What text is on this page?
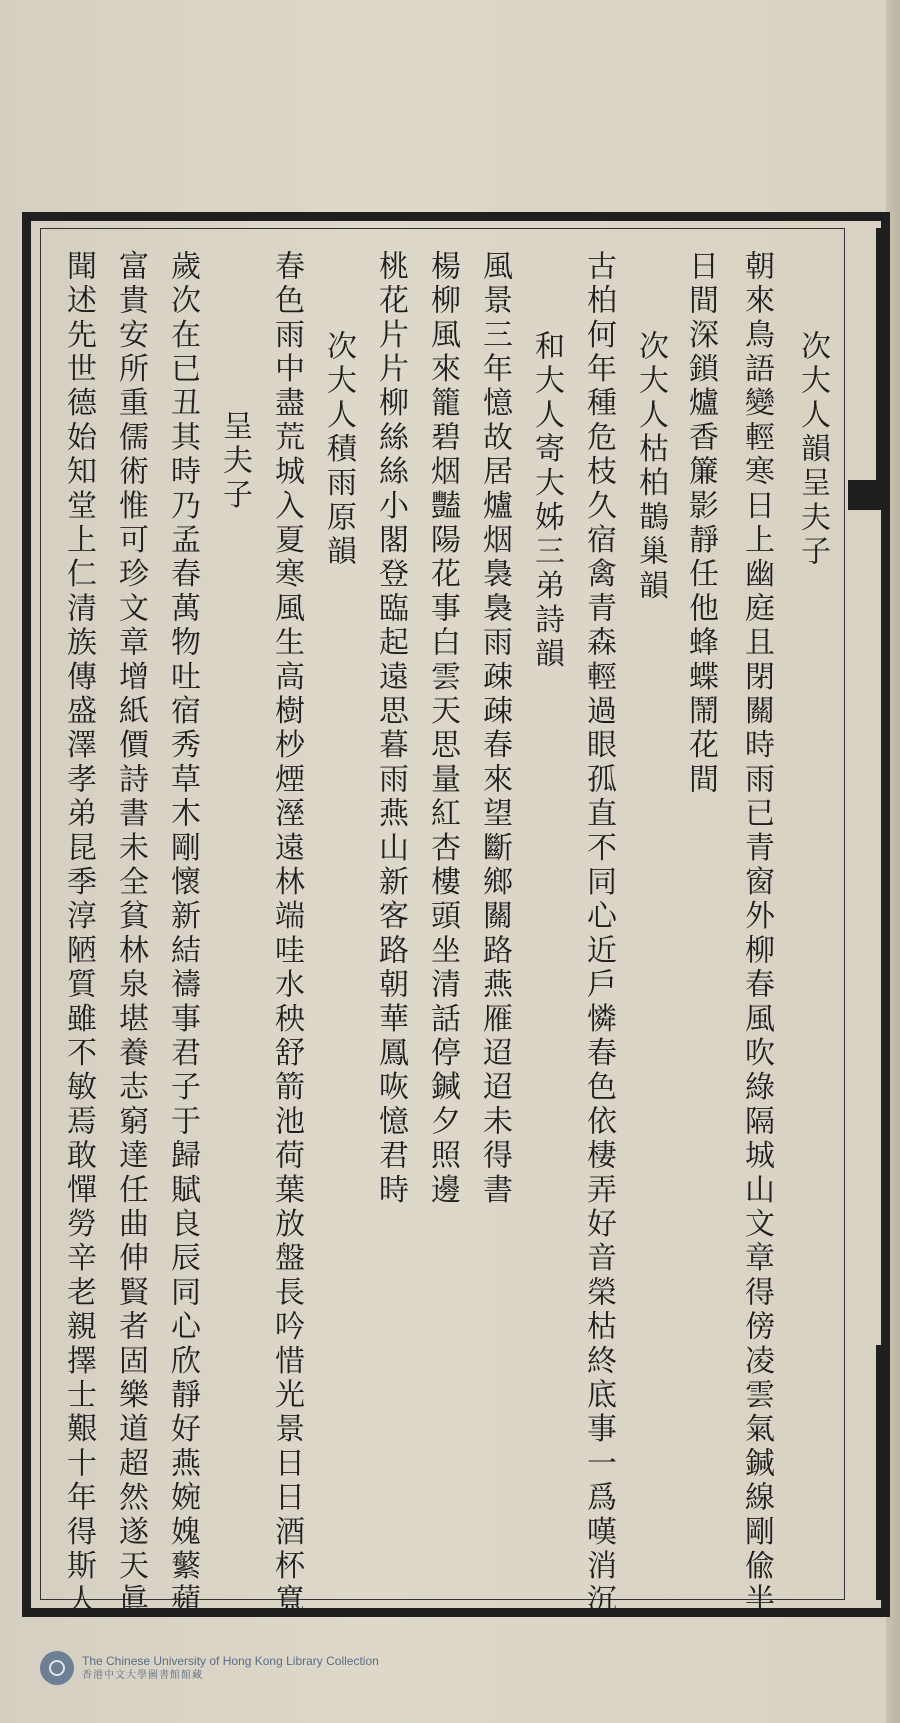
次大人韻呈夫子
朝來鳥語變輕寒日上幽庭且閉關時雨已青窗外柳春風吹綠隔城山文章得傍凌雲氣鍼線剛偸半
日間深鎖爐香簾影靜任他蜂蝶鬧花間
次大人枯柏鵲巢韻
古柏何年種危枝久宿禽青森輕過眼孤直不同心近戶憐春色依棲弄好音榮枯終底事一爲嘆消沉
和大人寄大姊三弟詩韻
風景三年憶故居爐烟裊裊雨疎疎春來望斷鄉關路燕雁迢迢未得書
楊柳風來籠碧烟豔陽花事白雲天思量紅杏樓頭坐清話停鍼夕照邊
桃花片片柳絲絲小閣登臨起遠思暮雨燕山新客路朝華鳳咴憶君時
次大人積雨原韻
春色雨中盡荒城入夏寒風生高樹杪煙溼遠林端哇水秧舒箭池荷葉放盤長吟惜光景日日酒杯寬
呈夫子
歲次在已丑其時乃孟春萬物吐宿秀草木剛懷新結禱事君子于歸賦良辰同心欣靜好燕婉媿蘩蘋
富貴安所重儒術惟可珍文章增紙價詩書未全貧林泉堪養志窮達任曲伸賢者固樂道超然遂天眞
聞述先世德始知堂上仁清族傳盛澤孝弟昆季淳陋質雖不敏焉敢憚勞辛老親擇士艱十年得斯人
The Chinese University of Hong Kong Library Collection
香港中文大學圖書館館藏
